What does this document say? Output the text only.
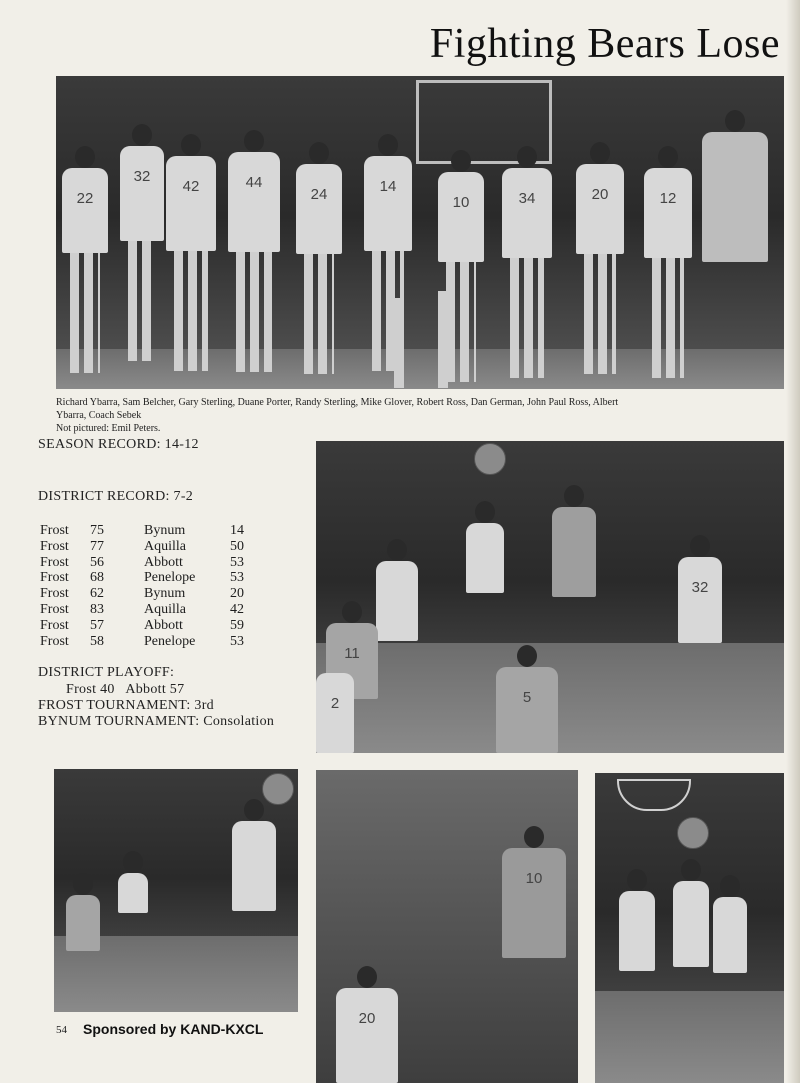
Fighting Bears Lose
22
32
42	44
24	14
10	34	20	12
Richard Ybarra, Sam Belcher, Gary Sterling, Duane Porter, Randy Sterling, Mike Glover, Robert Ross, Dan German, John Paul Ross, Albert
Ybarra, Coach Sebek
Not pictured: Emil Peters.
SEASON RECORD: 14-12
DISTRICT RECORD: 7-2
Frost	75	Bynum	14
Frost	77	Aquilla	50
Frost	56	Abbott	53
Frost	68	Penelope	53
Frost	62	Bynum	20
Frost	83	Aquilla	42
Frost	57	Abbott	59
Frost	58	Penelope	53
DISTRICT PLAYOFF:
Frost 40   Abbott 57
FROST TOURNAMENT: 3rd
BYNUM TOURNAMENT: Consolation
32
11
5
2
10
20
54 Sponsored by KAND-KXCL
